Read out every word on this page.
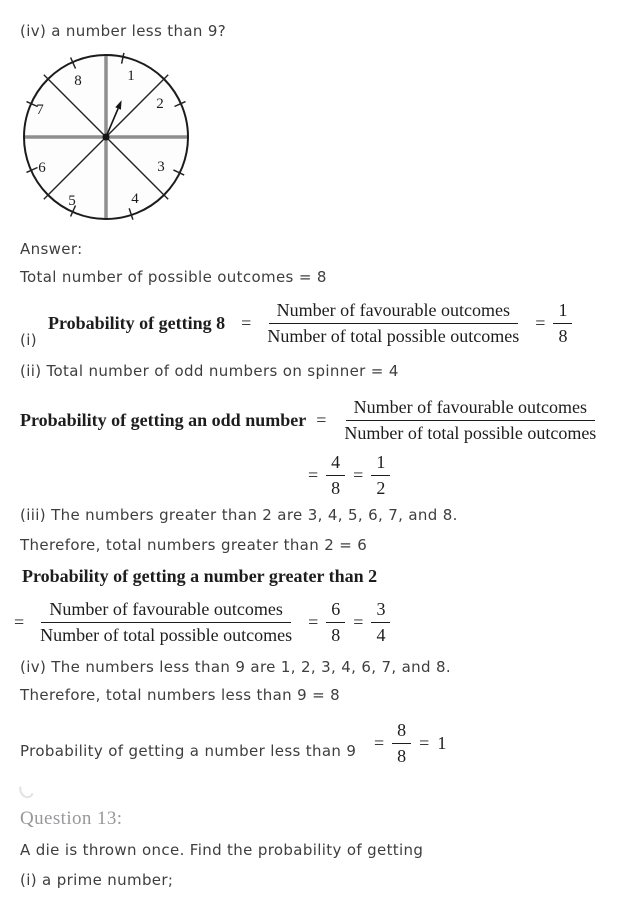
(iv) a number less than 9?
1
2
3
4
5
6
7
8
Answer:
Total number of possible outcomes = 8
(i)
Probability of getting $8 = \frac{\text{Number of favourable outcomes}}{\text{Number of total possible outcomes}} = \frac{1}{8}$
(ii) Total number of odd numbers on spinner = 4
Probability of getting an odd number = $\frac{\text{Number of favourable outcomes}}{\text{Number of total possible outcomes}}$
= $\frac{4}{8} = \frac{1}{2}$
(iii) The numbers greater than 2 are 3, 4, 5, 6, 7, and 8.
Therefore, total numbers greater than 2 = 6
Probability of getting a number greater than 2
= $\frac{\text{Number of favourable outcomes}}{\text{Number of total possible outcomes}} = \frac{6}{8} = \frac{3}{4}$
(iv) The numbers less than 9 are 1, 2, 3, 4, 6, 7, and 8.
Therefore, total numbers less than 9 = 8
Probability of getting a number less than $9 = \frac{8}{8} = 1$
Question 13:
A die is thrown once. Find the probability of getting
(i) a prime number;
